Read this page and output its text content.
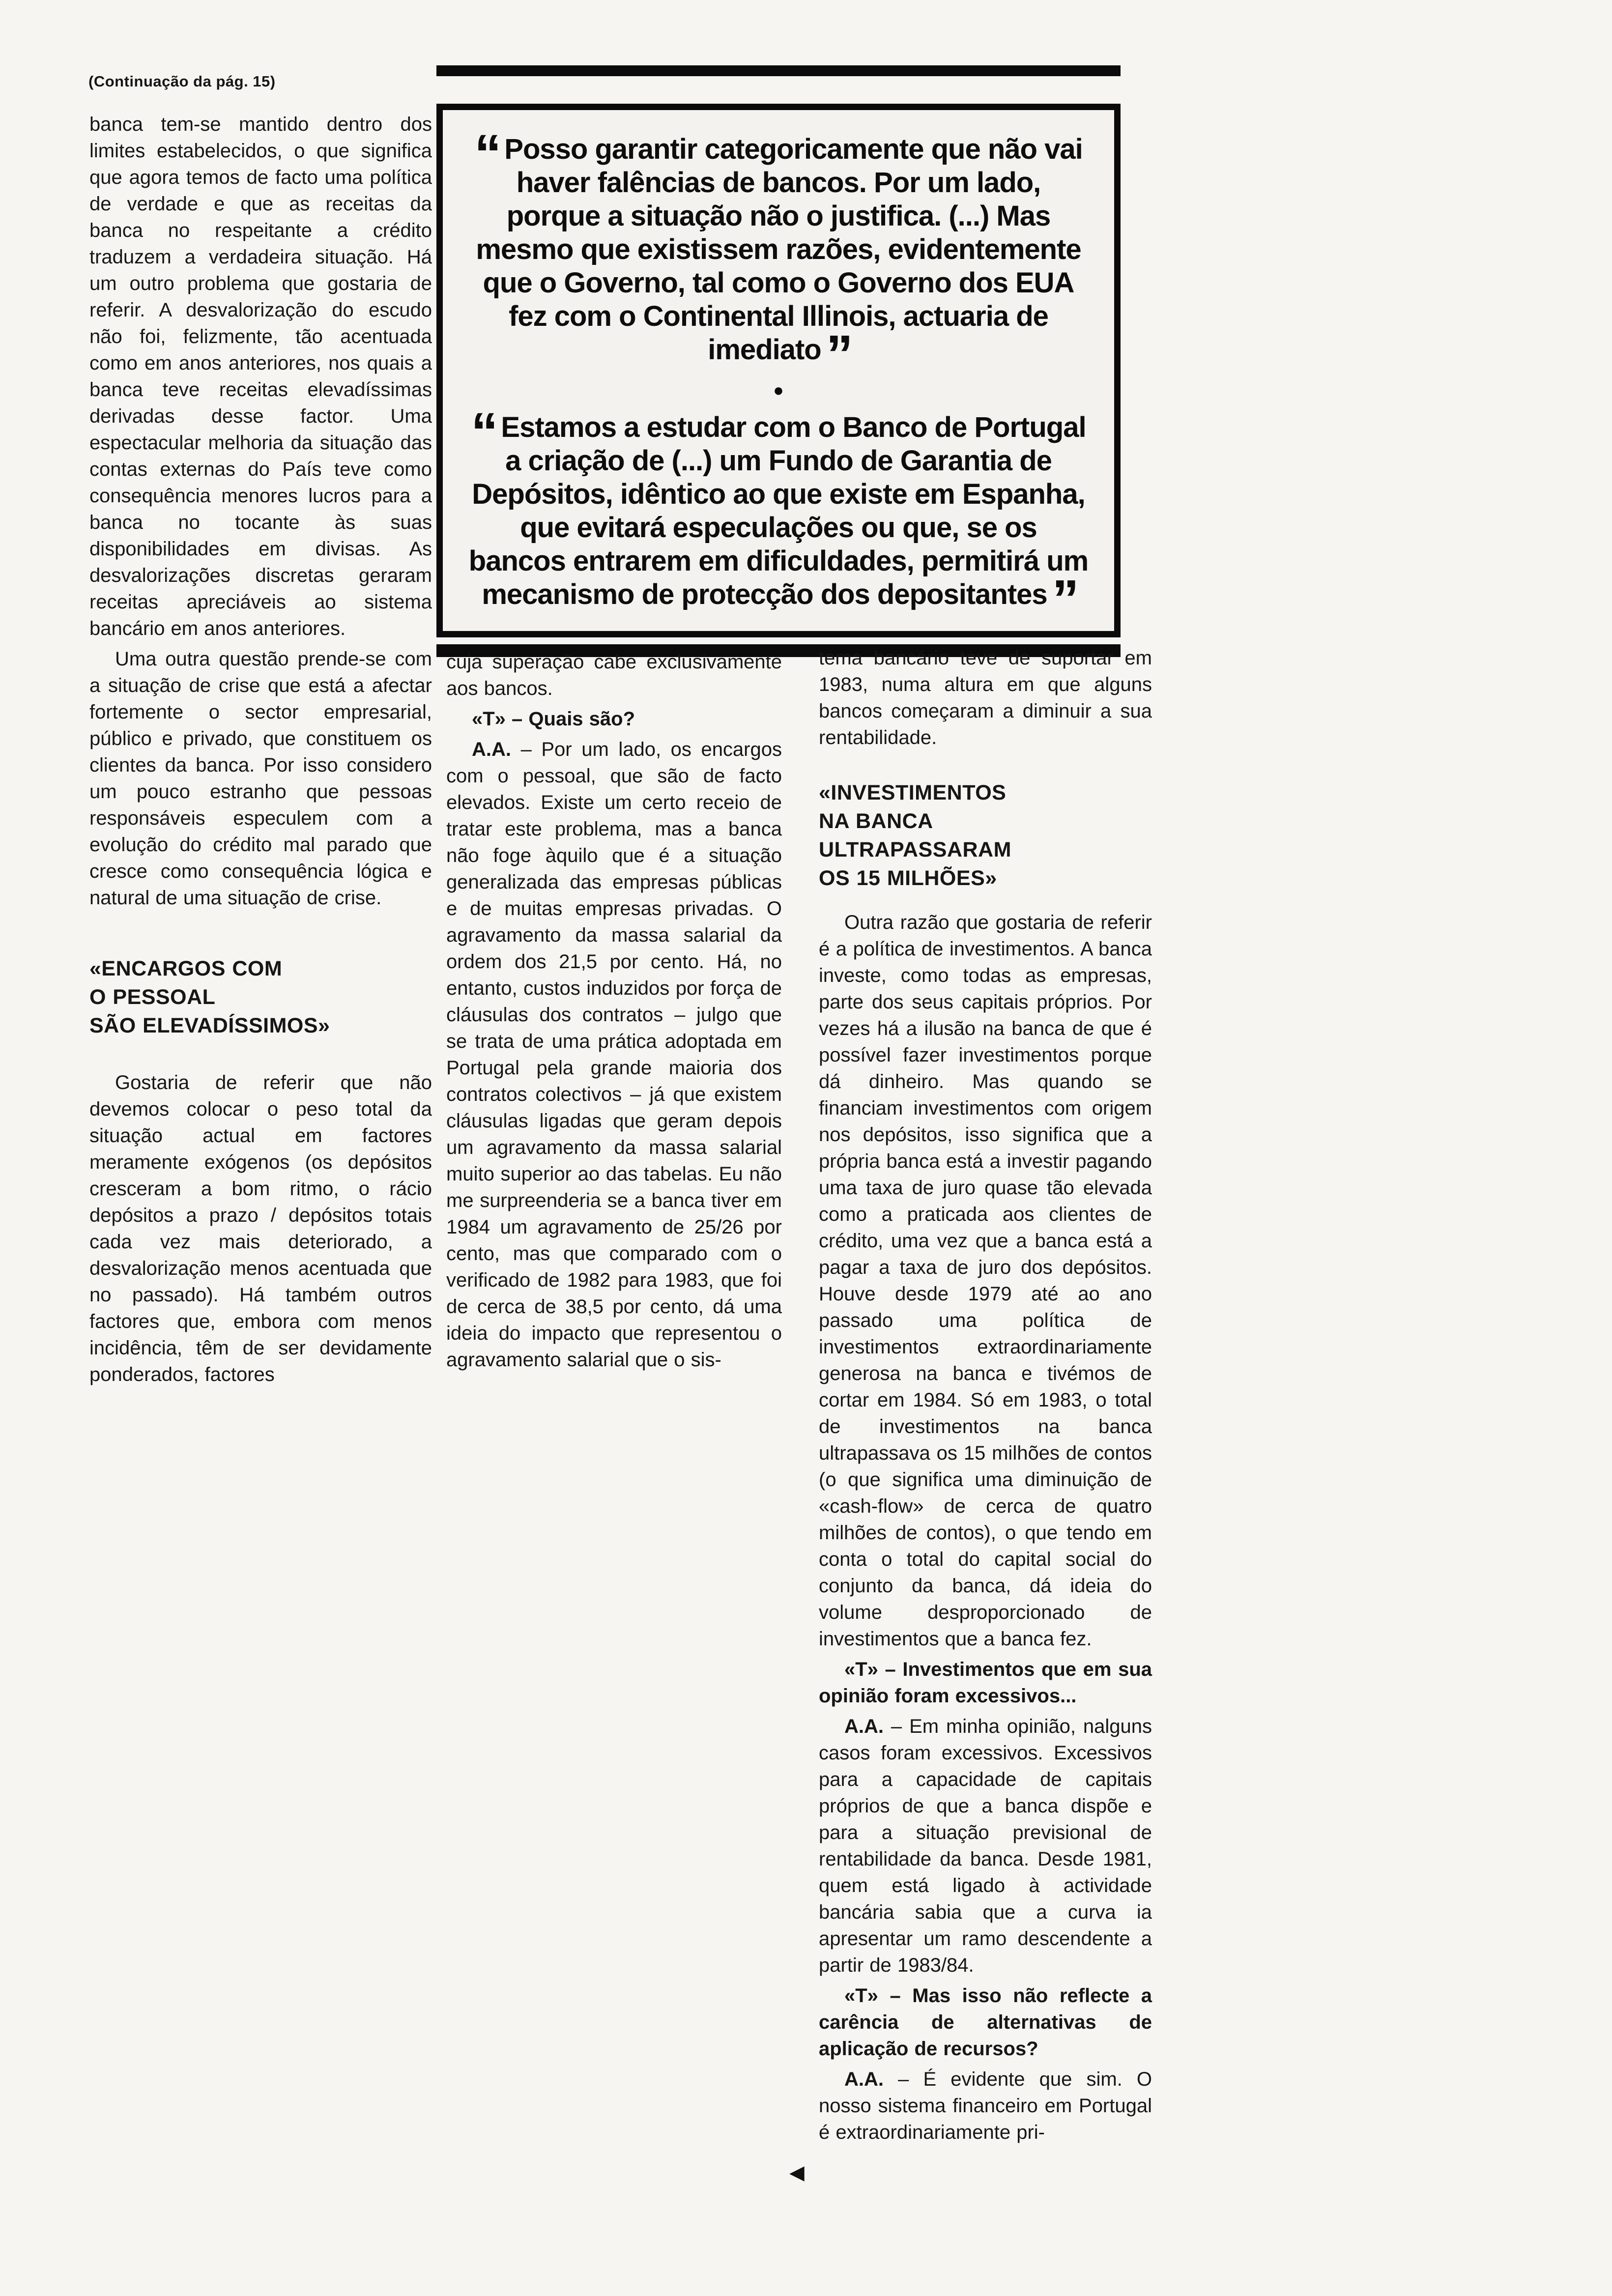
(Continuação da pág. 15)

banca tem-se mantido dentro dos limites estabelecidos, o que significa que agora temos de facto uma política de verdade e que as receitas da banca no respeitante a crédito traduzem a verdadeira situação. Há um outro problema que gostaria de referir. A desvalorização do escudo não foi, felizmente, tão acentuada como em anos anteriores, nos quais a banca teve receitas elevadíssimas derivadas desse factor. Uma espectacular melhoria da situação das contas externas do País teve como consequência menores lucros para a banca no tocante às suas disponibilidades em divisas. As desvalorizações discretas geraram receitas apreciáveis ao sistema bancário em anos anteriores.

Uma outra questão prende-se com a situação de crise que está a afectar fortemente o sector empresarial, público e privado, que constituem os clientes da banca. Por isso considero um pouco estranho que pessoas responsáveis especulem com a evolução do crédito mal parado que cresce como consequência lógica e natural de uma situação de crise.

«ENCARGOS COM
O PESSOAL
SÃO ELEVADÍSSIMOS»

Gostaria de referir que não devemos colocar o peso total da situação actual em factores meramente exógenos (os depósitos cresceram a bom ritmo, o rácio depósitos a prazo / depósitos totais cada vez mais deteriorado, a desvalorização menos acentuada que no passado). Há também outros factores que, embora com menos incidência, têm de ser devidamente ponderados, factores

“ Posso garantir categoricamente que não vai haver falências de bancos. Por um lado, porque a situação não o justifica. (...) Mas mesmo que existissem razões, evidentemente que o Governo, tal como o Governo dos EUA fez com o Continental Illinois, actuaria de imediato”

●

“ Estamos a estudar com o Banco de Portugal a criação de (...) um Fundo de Garantia de Depósitos, idêntico ao que existe em Espanha, que evitará especulações ou que, se os bancos entrarem em dificuldades, permitirá um mecanismo de protecção dos depositantes”

cuja superação cabe exclusivamente aos bancos.

«T» – Quais são?

A.A. – Por um lado, os encargos com o pessoal, que são de facto elevados. Existe um certo receio de tratar este problema, mas a banca não foge àquilo que é a situação generalizada das empresas públicas e de muitas empresas privadas. O agravamento da massa salarial da ordem dos 21,5 por cento. Há, no entanto, custos induzidos por força de cláusulas dos contratos – julgo que se trata de uma prática adoptada em Portugal pela grande maioria dos contratos colectivos – já que existem cláusulas ligadas que geram depois um agravamento da massa salarial muito superior ao das tabelas. Eu não me surpreenderia se a banca tiver em 1984 um agravamento de 25/26 por cento, mas que comparado com o verificado de 1982 para 1983, que foi de cerca de 38,5 por cento, dá uma ideia do impacto que representou o agravamento salarial que o sis-

tema bancário teve de suportar em 1983, numa altura em que alguns bancos começaram a diminuir a sua rentabilidade.

«INVESTIMENTOS
NA BANCA
ULTRAPASSARAM
OS 15 MILHÕES»

Outra razão que gostaria de referir é a política de investimentos. A banca investe, como todas as empresas, parte dos seus capitais próprios. Por vezes há a ilusão na banca de que é possível fazer investimentos porque dá dinheiro. Mas quando se financiam investimentos com origem nos depósitos, isso significa que a própria banca está a investir pagando uma taxa de juro quase tão elevada como a praticada aos clientes de crédito, uma vez que a banca está a pagar a taxa de juro dos depósitos. Houve desde 1979 até ao ano passado uma política de investimentos extraordinariamente generosa na banca e tivémos de cortar em 1984. Só em 1983, o total de investimentos na banca ultrapassava os 15 milhões de contos (o que significa uma diminuição de «cash-flow» de cerca de quatro milhões de contos), o que tendo em conta o total do capital social do conjunto da banca, dá ideia do volume desproporcionado de investimentos que a banca fez.

«T» – Investimentos que em sua opinião foram excessivos...

A.A. – Em minha opinião, nalguns casos foram excessivos. Excessivos para a capacidade de capitais próprios de que a banca dispõe e para a situação previsional de rentabilidade da banca. Desde 1981, quem está ligado à actividade bancária sabia que a curva ia apresentar um ramo descendente a partir de 1983/84.

«T» – Mas isso não reflecte a carência de alternativas de aplicação de recursos?

A.A. – É evidente que sim. O nosso sistema financeiro em Portugal é extraordinariamente pri-

◀
